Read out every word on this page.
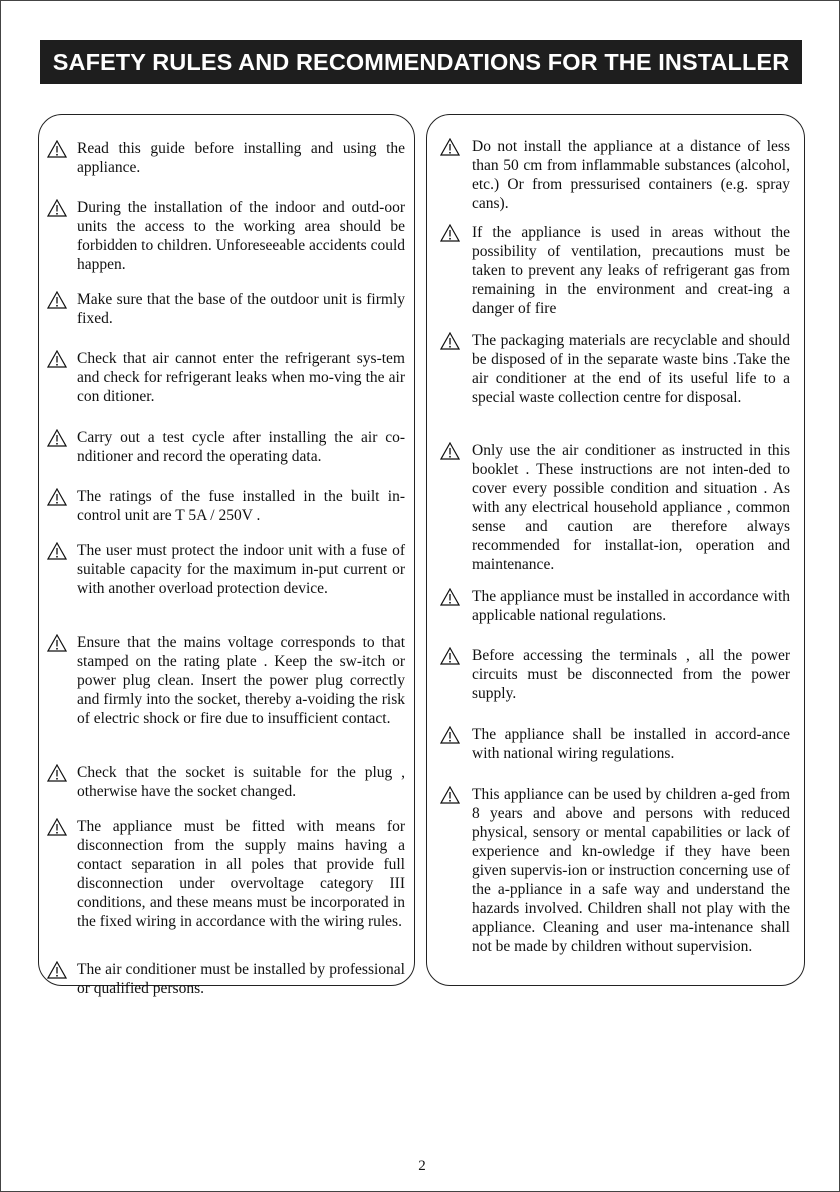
SAFETY RULES AND RECOMMENDATIONS FOR THE INSTALLER
Read this guide before installing and using the appliance.
During the installation of the indoor and outd-oor units the access to the working area should be forbidden to children. Unforeseeable accidents could happen.
Make sure that the base of the outdoor unit is firmly fixed.
Check that air cannot enter the refrigerant sys-tem and check for refrigerant leaks when mo-ving the air con ditioner.
Carry out a test cycle after installing the air co-nditioner and record the operating data.
The ratings of the fuse installed in the built in-control unit are T 5A / 250V .
The user must protect the indoor unit with a fuse of suitable capacity for the maximum in-put current or with another overload protection device.
Ensure that the mains voltage corresponds to that stamped on the rating plate . Keep the sw-itch or power plug clean. Insert the power plug correctly and firmly into the socket, thereby a-voiding the risk of electric shock or fire due to insufficient contact.
Check that the socket is suitable for the plug , otherwise have the socket changed.
The appliance must be fitted with means for disconnection from the supply mains having a contact separation in all poles that provide full disconnection under overvoltage category III conditions, and these means must be incorporated in the fixed wiring in accordance with the wiring rules.
The air conditioner must be installed by professional or qualified persons.
Do not install the appliance at a distance of less than 50 cm from inflammable substances (alcohol, etc.) Or from pressurised containers (e.g. spray cans).
If the appliance is used in areas without the possibility of ventilation, precautions must be taken to prevent any leaks of refrigerant gas from remaining in the environment and creat-ing a danger of fire
The packaging materials are recyclable and should be disposed of in the separate waste bins .Take the air conditioner at the end of its useful life to a special waste collection centre for disposal.
Only use the air conditioner as instructed in this booklet . These instructions are not inten-ded to cover every possible condition and situation . As with any electrical household appliance , common sense and caution are therefore always recommended for installat-ion, operation and maintenance.
The appliance must be installed in accordance with applicable national regulations.
Before accessing the terminals , all the power circuits must be disconnected from the power supply.
The appliance shall be installed in accord-ance with national wiring regulations.
This appliance can be used by children a-ged from 8 years and above and persons with reduced physical, sensory or mental capabilities or lack of experience and kn-owledge if they have been given supervis-ion or instruction concerning use of the a-ppliance in a safe way and understand the hazards involved. Children shall not play with the appliance. Cleaning and user ma-intenance shall not be made by children without supervision.
2
